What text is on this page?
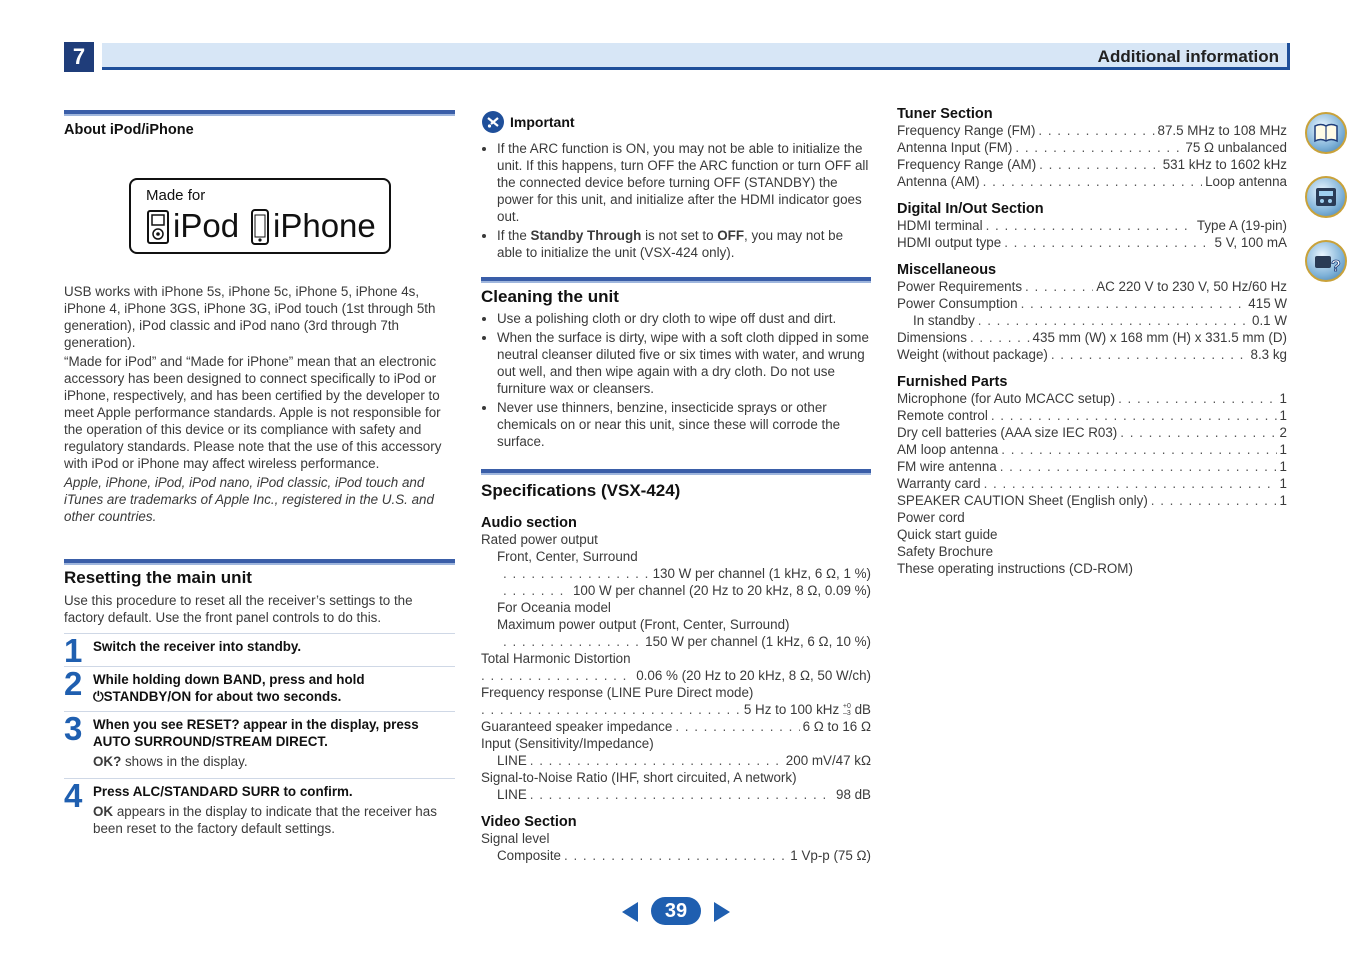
7	Additional information
About iPod/iPhone
Made for
iPod iPhone

USB works with iPhone 5s, iPhone 5c, iPhone 5, iPhone 4s, iPhone 4, iPhone 3GS, iPhone 3G, iPod touch (1st through 5th generation), iPod classic and iPod nano (3rd through 7th generation).

“Made for iPod” and “Made for iPhone” mean that an electronic accessory has been designed to connect specifically to iPod or iPhone, respectively, and has been certified by the developer to meet Apple performance standards. Apple is not responsible for the operation of this device or its compliance with safety and regulatory standards. Please note that the use of this accessory with iPod or iPhone may affect wireless performance.

Apple, iPhone, iPod, iPod nano, iPod classic, iPod touch and iTunes are trademarks of Apple Inc., registered in the U.S. and other countries.

Resetting the main unit

Use this procedure to reset all the receiver’s settings to the factory default. Use the front panel controls to do this.

1 Switch the receiver into standby.
2 While holding down BAND, press and hold ⏻STANDBY/ON for about two seconds.
3 When you see RESET? appear in the display, press AUTO SURROUND/STREAM DIRECT.

OK? shows in the display.

4 Press ALC/STANDARD SURR to confirm.

OK appears in the display to indicate that the receiver has been reset to the factory default settings.

Important
• If the ARC function is ON, you may not be able to initialize the unit. If this happens, turn OFF the ARC function or turn OFF all the connected device before turning OFF (STANDBY) the power for this unit, and initialize after the HDMI indicator goes out.
• If the Standby Through is not set to OFF, you may not be able to initialize the unit (VSX-424 only).
Cleaning the unit
• Use a polishing cloth or dry cloth to wipe off dust and dirt.
• When the surface is dirty, wipe with a soft cloth dipped in some neutral cleanser diluted five or six times with water, and wrung out well, and then wipe again with a dry cloth. Do not use furniture wax or cleansers.
• Never use thinners, benzine, insecticide sprays or other chemicals on or near this unit, since these will corrode the surface.
Specifications (VSX-424)
Audio section
Rated power output
Front, Center, Surround
. . .
130 W per channel (1 kHz, 6 Ω, 1 %)
. . .
100 W per channel (20 Hz to 20 kHz, 8 Ω, 0.09 %)
For Oceania model
Maximum power output (Front, Center, Surround)
. . .
150 W per channel (1 kHz, 6 Ω, 10 %)
Total Harmonic Distortion
. . .
0.06 % (20 Hz to 20 kHz, 8 Ω, 50 W/ch)
Frequency response (LINE Pure Direct mode)
. . .
5 Hz to 100 kHz +0
–3 dB
Guaranteed speaker impedance . . .	6 Ω to 16 Ω
Input (Sensitivity/Impedance)
LINE . . .	200 mV/47 kΩ
Signal-to-Noise Ratio (IHF, short circuited, A network)
LINE . . .	98 dB
Video Section
Signal level
Composite . . .	1 Vp-p (75 Ω)
Tuner Section
Frequency Range (FM) . . .	87.5 MHz to 108 MHz
Antenna Input (FM) . . .	75 Ω unbalanced
Frequency Range (AM) . . .	531 kHz to 1602 kHz
Antenna (AM) . . .	Loop antenna
Digital In/Out Section
HDMI terminal . . .	Type A (19-pin)
HDMI output type . . .	5 V, 100 mA
Miscellaneous
Power Requirements . . .	AC 220 V to 230 V, 50 Hz/60 Hz
Power Consumption . . .	415 W
In standby . . .	0.1 W
Dimensions . . .	435 mm (W) x 168 mm (H) x 331.5 mm (D)
Weight (without package) . . .	8.3 kg
Furnished Parts
Microphone (for Auto MCACC setup) . . .	1
Remote control . . .	1
Dry cell batteries (AAA size IEC R03) . . .	2
AM loop antenna . . .	1
FM wire antenna . . .	1
Warranty card . . .	1
SPEAKER CAUTION Sheet (English only) . . .	1
Power cord
Quick start guide
Safety Brochure
These operating instructions (CD-ROM)
?
39
